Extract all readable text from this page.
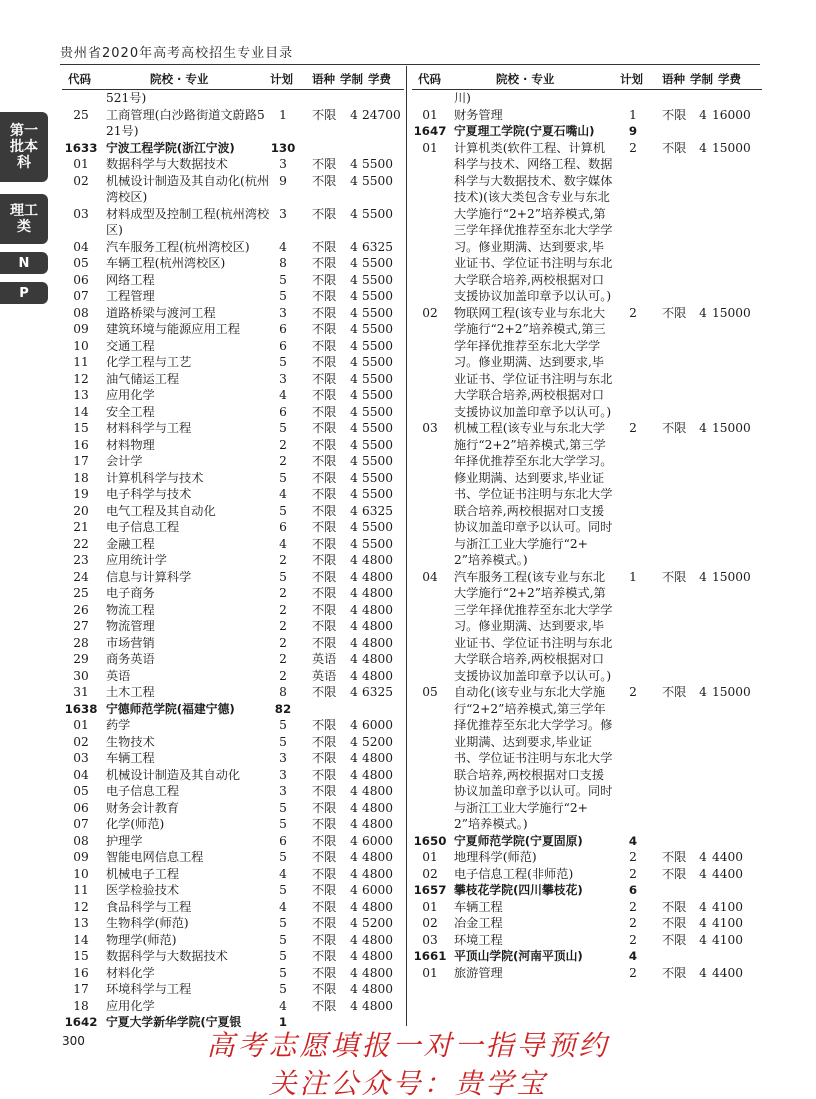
贵州省2020年高考高校招生专业目录
第一批本科
理工类
N
P
代码	院校 · 专业	计划 语种 学制 学费
521号)
25	工商管理(白沙路街道文蔚路521号)
1	不限	4 24700
1633 宁波工程学院(浙江宁波)	130
01	数据科学与大数据技术	3	不限	4 5500
02	机械设计制造及其自动化(杭州湾校区)
9	不限	4 5500
03	材料成型及控制工程(杭州湾校区)
3	不限	4 5500
04	汽车服务工程(杭州湾校区)	4	不限	4 6325
05	车辆工程(杭州湾校区)	8	不限	4 5500
06	网络工程	5	不限	4 5500
07	工程管理	5	不限	4 5500
08	道路桥梁与渡河工程	3	不限	4 5500
09	建筑环境与能源应用工程	6	不限	4 5500
10	交通工程	6	不限	4 5500
11	化学工程与工艺	5	不限	4 5500
12	油气储运工程	3	不限	4 5500
13	应用化学	4	不限	4 5500
14	安全工程	6	不限	4 5500
15	材料科学与工程	5	不限	4 5500
16	材料物理	2	不限	4 5500
17	会计学	2	不限	4 5500
18	计算机科学与技术	5	不限	4 5500
19	电子科学与技术	4	不限	4 5500
20	电气工程及其自动化	5	不限	4 6325
21	电子信息工程	6	不限	4 5500
22	金融工程	4	不限	4 5500
23	应用统计学	2	不限	4 4800
24	信息与计算科学	5	不限	4 4800
25	电子商务	2	不限	4 4800
26	物流工程	2	不限	4 4800
27	物流管理	2	不限	4 4800
28	市场营销	2	不限	4 4800
29	商务英语	2	英语	4 4800
30	英语	2	英语	4 4800
31	土木工程	8	不限	4 6325
1638 宁德师范学院(福建宁德)	82
01	药学	5	不限	4 6000
02	生物技术	5	不限	4 5200
03	车辆工程	3	不限	4 4800
04	机械设计制造及其自动化	3	不限	4 4800
05	电子信息工程	3	不限	4 4800
06	财务会计教育	5	不限	4 4800
07	化学(师范)	5	不限	4 4800
08	护理学	6	不限	4 6000
09	智能电网信息工程	5	不限	4 4800
10	机械电子工程	4	不限	4 4800
11	医学检验技术	5	不限	4 6000
12	食品科学与工程	4	不限	4 4800
13	生物科学(师范)	5	不限	4 5200
14	物理学(师范)	5	不限	4 4800
15	数据科学与大数据技术	5	不限	4 4800
16	材料化学	5	不限	4 4800
17	环境科学与工程	5	不限	4 4800
18	应用化学	4	不限	4 4800
1642 宁夏大学新华学院(宁夏银	1
代码	院校 · 专业	计划 语种 学制 学费
川)
01	财务管理	1	不限	4 16000
1647 宁夏理工学院(宁夏石嘴山)	9
01	计算机类(软件工程、计算机科学与技术、网络工程、数据科学与大数据技术、数字媒体技术)(该大类包含专业与东北大学施行“2+2”培养模式,第三学年择优推荐至东北大学学习。修业期满、达到要求,毕业证书、学位证书注明与东北大学联合培养,两校根据对口支援协议加盖印章予以认可。)
2	不限	4 15000
02	物联网工程(该专业与东北大学施行“2+2”培养模式,第三学年择优推荐至东北大学学习。修业期满、达到要求,毕业证书、学位证书注明与东北大学联合培养,两校根据对口支援协议加盖印章予以认可。)
2	不限	4 15000
03	机械工程(该专业与东北大学施行“2+2”培养模式,第三学年择优推荐至东北大学学习。修业期满、达到要求,毕业证书、学位证书注明与东北大学联合培养,两校根据对口支援协议加盖印章予以认可。同时与浙江工业大学施行“2+2”培养模式。)
2	不限	4 15000
04	汽车服务工程(该专业与东北大学施行“2+2”培养模式,第三学年择优推荐至东北大学学习。修业期满、达到要求,毕业证书、学位证书注明与东北大学联合培养,两校根据对口支援协议加盖印章予以认可。)
1	不限	4 15000
05	自动化(该专业与东北大学施行“2+2”培养模式,第三学年择优推荐至东北大学学习。修业期满、达到要求,毕业证书、学位证书注明与东北大学联合培养,两校根据对口支援协议加盖印章予以认可。同时与浙江工业大学施行“2+2”培养模式。)
2	不限	4 15000
1650 宁夏师范学院(宁夏固原)	4
01	地理科学(师范)	2	不限	4 4400
02	电子信息工程(非师范)	2	不限	4 4400
1657 攀枝花学院(四川攀枝花)	6
01	车辆工程	2	不限	4 4100
02	冶金工程	2	不限	4 4100
03	环境工程	2	不限	4 4100
1661 平顶山学院(河南平顶山)	4
01	旅游管理	2	不限	4 4400
300	高考志愿填报一对一指导预约
关注公众号：贵学宝
